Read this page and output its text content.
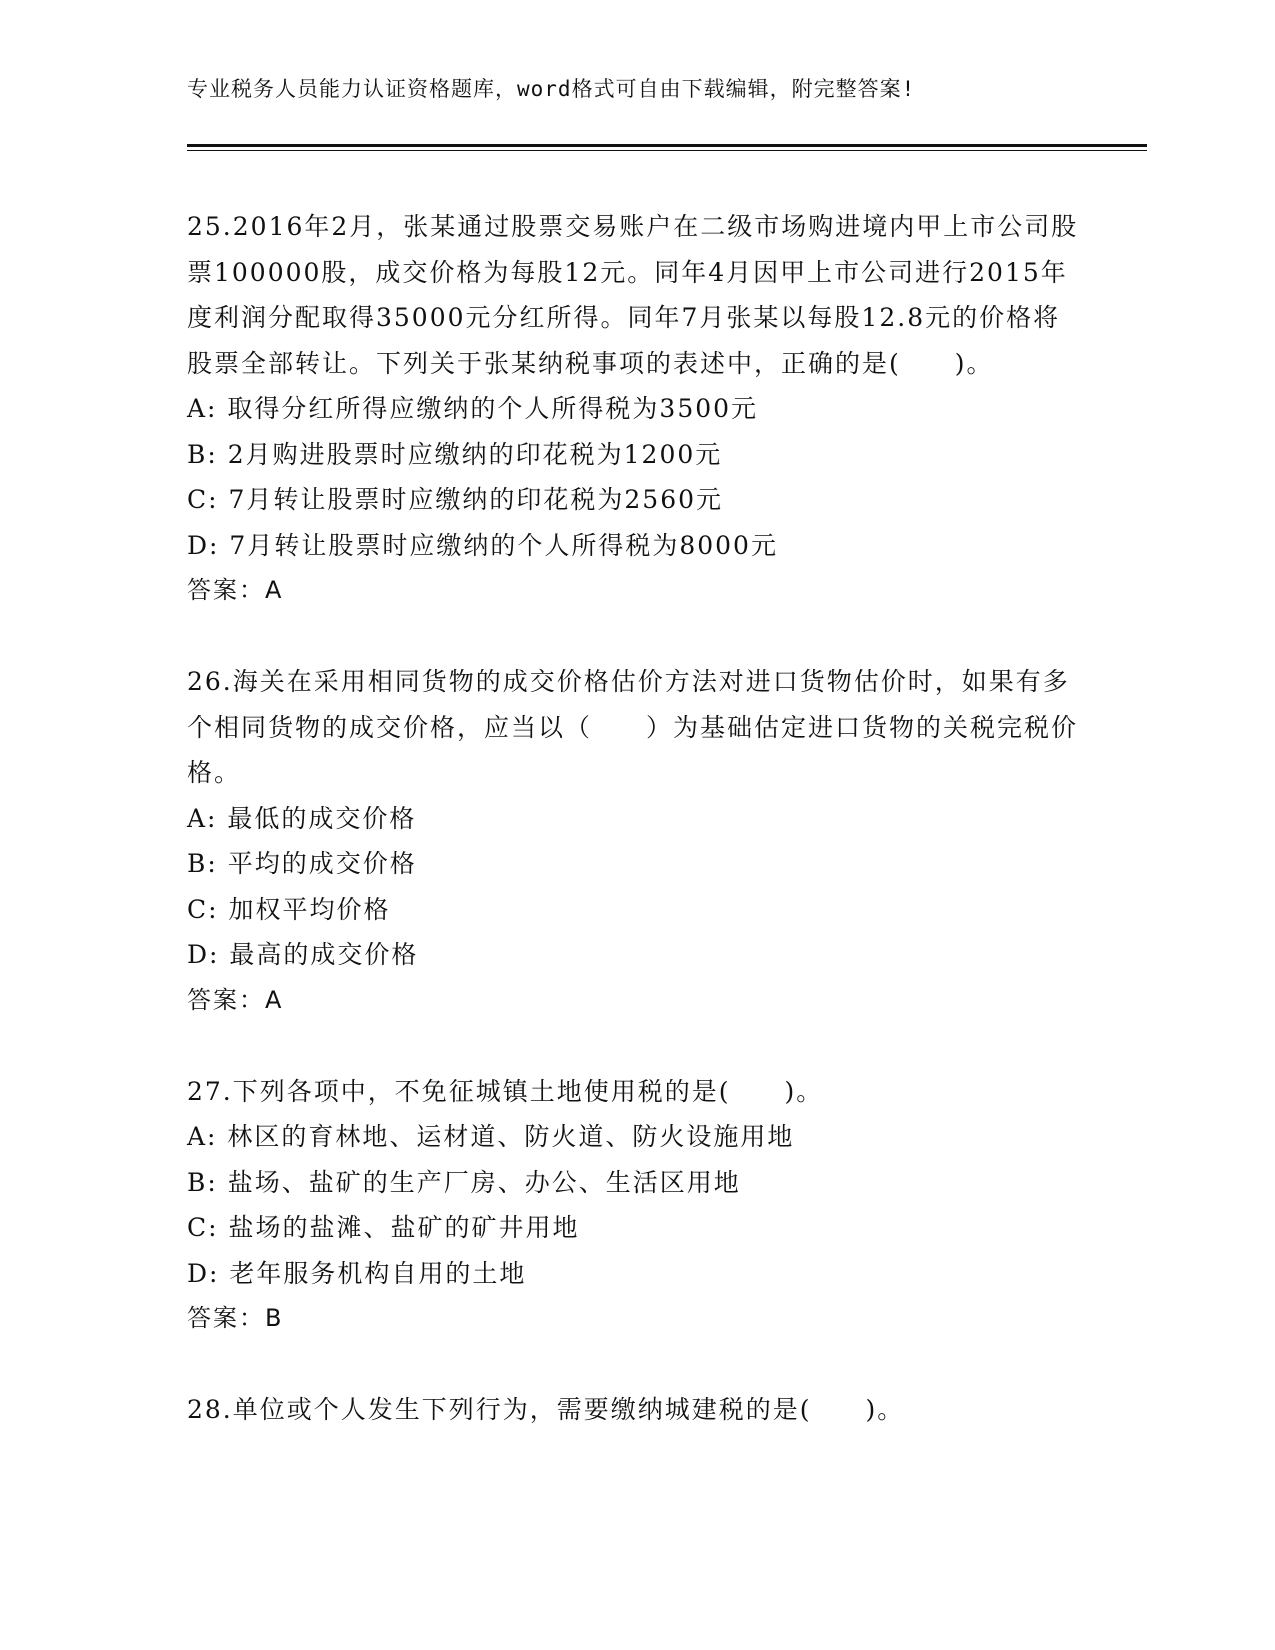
专业税务人员能力认证资格题库，word格式可自由下载编辑，附完整答案!
25.2016年2月，张某通过股票交易账户在二级市场购进境内甲上市公司股票100000股，成交价格为每股12元。同年4月因甲上市公司进行2015年度利润分配取得35000元分红所得。同年7月张某以每股12.8元的价格将股票全部转让。下列关于张某纳税事项的表述中，正确的是(　　)。
A: 取得分红所得应缴纳的个人所得税为3500元
B: 2月购进股票时应缴纳的印花税为1200元
C: 7月转让股票时应缴纳的印花税为2560元
D: 7月转让股票时应缴纳的个人所得税为8000元
答案：A
26.海关在采用相同货物的成交价格估价方法对进口货物估价时，如果有多个相同货物的成交价格，应当以（　　）为基础估定进口货物的关税完税价格。
A: 最低的成交价格
B: 平均的成交价格
C: 加权平均价格
D: 最高的成交价格
答案：A
27.下列各项中，不免征城镇土地使用税的是(　　)。
A: 林区的育林地、运材道、防火道、防火设施用地
B: 盐场、盐矿的生产厂房、办公、生活区用地
C: 盐场的盐滩、盐矿的矿井用地
D: 老年服务机构自用的土地
答案：B
28.单位或个人发生下列行为，需要缴纳城建税的是(　　)。
